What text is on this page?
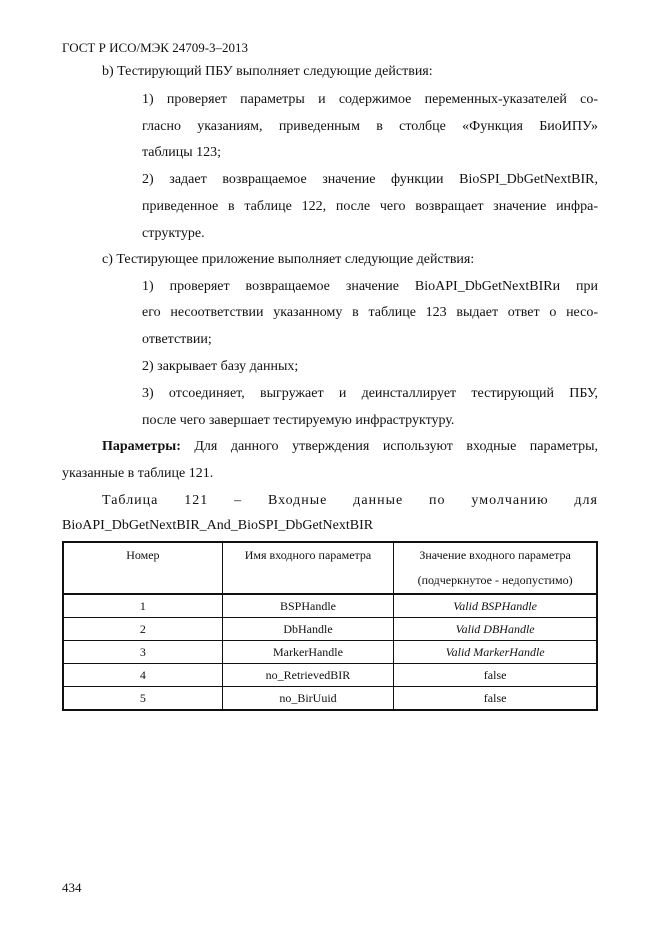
ГОСТ Р ИСО/МЭК 24709-3–2013
b) Тестирующий ПБУ выполняет следующие действия:
1) проверяет параметры и содержимое переменных-указателей со-
гласно указаниям, приведенным в столбце «Функция БиоИПУ»
таблицы 123;
2) задает возвращаемое значение функции BioSPI_DbGetNextBIR,
приведенное в таблице 122, после чего возвращает значение инфра-
структуре.
c) Тестирующее приложение выполняет следующие действия:
1) проверяет возвращаемое значение BioAPI_DbGetNextBIRи при
его несоответствии указанному в таблице 123 выдает ответ о несо-
ответствии;
2) закрывает базу данных;
3) отсоединяет, выгружает и деинсталлирует тестирующий ПБУ,
после чего завершает тестируемую инфраструктуру.
Параметры: Для данного утверждения используют входные параметры,
указанные в таблице 121.
Таблица 121 – Входные данные по умолчанию для
BioAPI_DbGetNextBIR_And_BioSPI_DbGetNextBIR
Номер	Имя входного параметра	Значение входного параметра
(подчеркнутое - недопустимо)

1	BSPHandle	Valid BSPHandle
2	DbHandle	Valid DBHandle
3	MarkerHandle	Valid MarkerHandle
4	no_RetrievedBIR	false
5	no_BirUuid	false
434
